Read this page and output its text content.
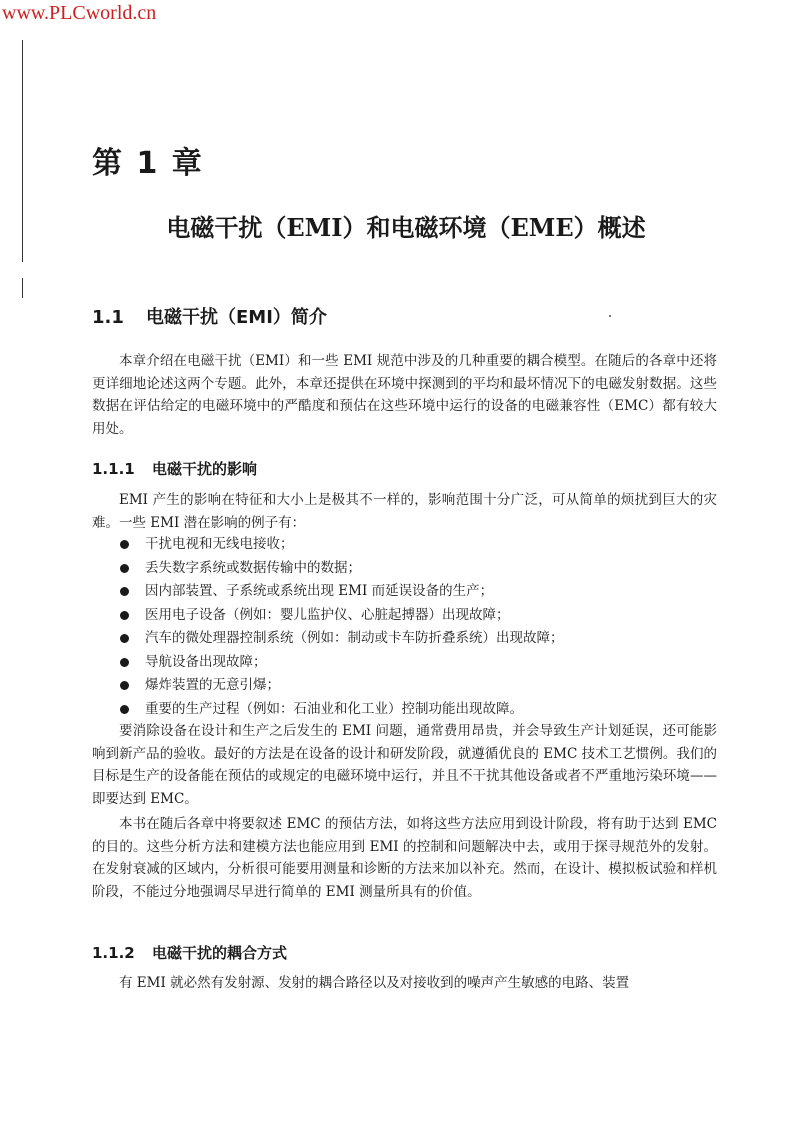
www.PLCworld.cn
第 1 章
电磁干扰（EMI）和电磁环境（EME）概述
1.1 电磁干扰（EMI）简介

本章介绍在电磁干扰（EMI）和一些 EMI 规范中涉及的几种重要的耦合模型。在随后的各章中还将更详细地论述这两个专题。此外，本章还提供在环境中探测到的平均和最坏情况下的电磁发射数据。这些数据在评估给定的电磁环境中的严酷度和预估在这些环境中运行的设备的电磁兼容性（EMC）都有较大用处。

1.1.1 电磁干扰的影响

EMI 产生的影响在特征和大小上是极其不一样的，影响范围十分广泛，可从简单的烦扰到巨大的灾难。一些 EMI 潜在影响的例子有：

干扰电视和无线电接收；
丢失数字系统或数据传输中的数据；
因内部装置、子系统或系统出现 EMI 而延误设备的生产；
医用电子设备（例如：婴儿监护仪、心脏起搏器）出现故障；
汽车的微处理器控制系统（例如：制动或卡车防折叠系统）出现故障；
导航设备出现故障；
爆炸装置的无意引爆；
重要的生产过程（例如：石油业和化工业）控制功能出现故障。

要消除设备在设计和生产之后发生的 EMI 问题，通常费用昂贵，并会导致生产计划延误，还可能影响到新产品的验收。最好的方法是在设备的设计和研发阶段，就遵循优良的 EMC 技术工艺惯例。我们的目标是生产的设备能在预估的或规定的电磁环境中运行，并且不干扰其他设备或者不严重地污染环境——即要达到 EMC。

本书在随后各章中将要叙述 EMC 的预估方法，如将这些方法应用到设计阶段，将有助于达到 EMC 的目的。这些分析方法和建模方法也能应用到 EMI 的控制和问题解决中去，或用于探寻规范外的发射。在发射衰减的区域内，分析很可能要用测量和诊断的方法来加以补充。然而，在设计、模拟板试验和样机阶段，不能过分地强调尽早进行简单的 EMI 测量所具有的价值。

1.1.2 电磁干扰的耦合方式

有 EMI 就必然有发射源、发射的耦合路径以及对接收到的噪声产生敏感的电路、装置
